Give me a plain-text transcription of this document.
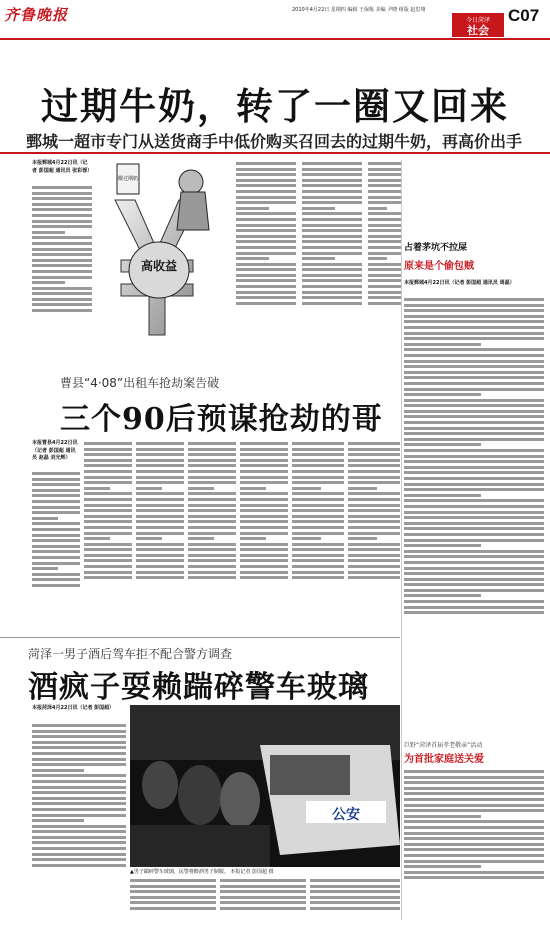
齐鲁晚报	2010年4月22日 星期四 编辑 王保栋 美编 尹晓 组版 赵思翔
今日菏泽
社会
C07
过期牛奶，转了一圈又回来
鄄城一超市专门从送货商手中低价购买召回去的过期牛奶，再高价出手
本报鄄城4月22日讯（记者 彭国超 通讯员 张彩蓉）
高收益
酸过期奶
曹县“4·08”出租车抢劫案告破
三个90后预谋抢劫的哥
本报曹县4月22日讯（记者 彭国超 通讯员 赵磊 刘光辉）
菏泽一男子酒后驾车拒不配合警方调查
酒疯子耍赖踹碎警车玻璃
本报菏泽4月22日讯（记者 彭国超）
公安
▲男子踹碎警车玻璃，民警将醉酒男子制服。 本报记者 彭国超 摄
占着茅坑不拉屎
原来是个偷包贼
本报鄄城4月22日讯（记者 彭国超 通讯员 周磊）
巨野“菏泽首届孝老敬亲”活动
为首批家庭送关爱
